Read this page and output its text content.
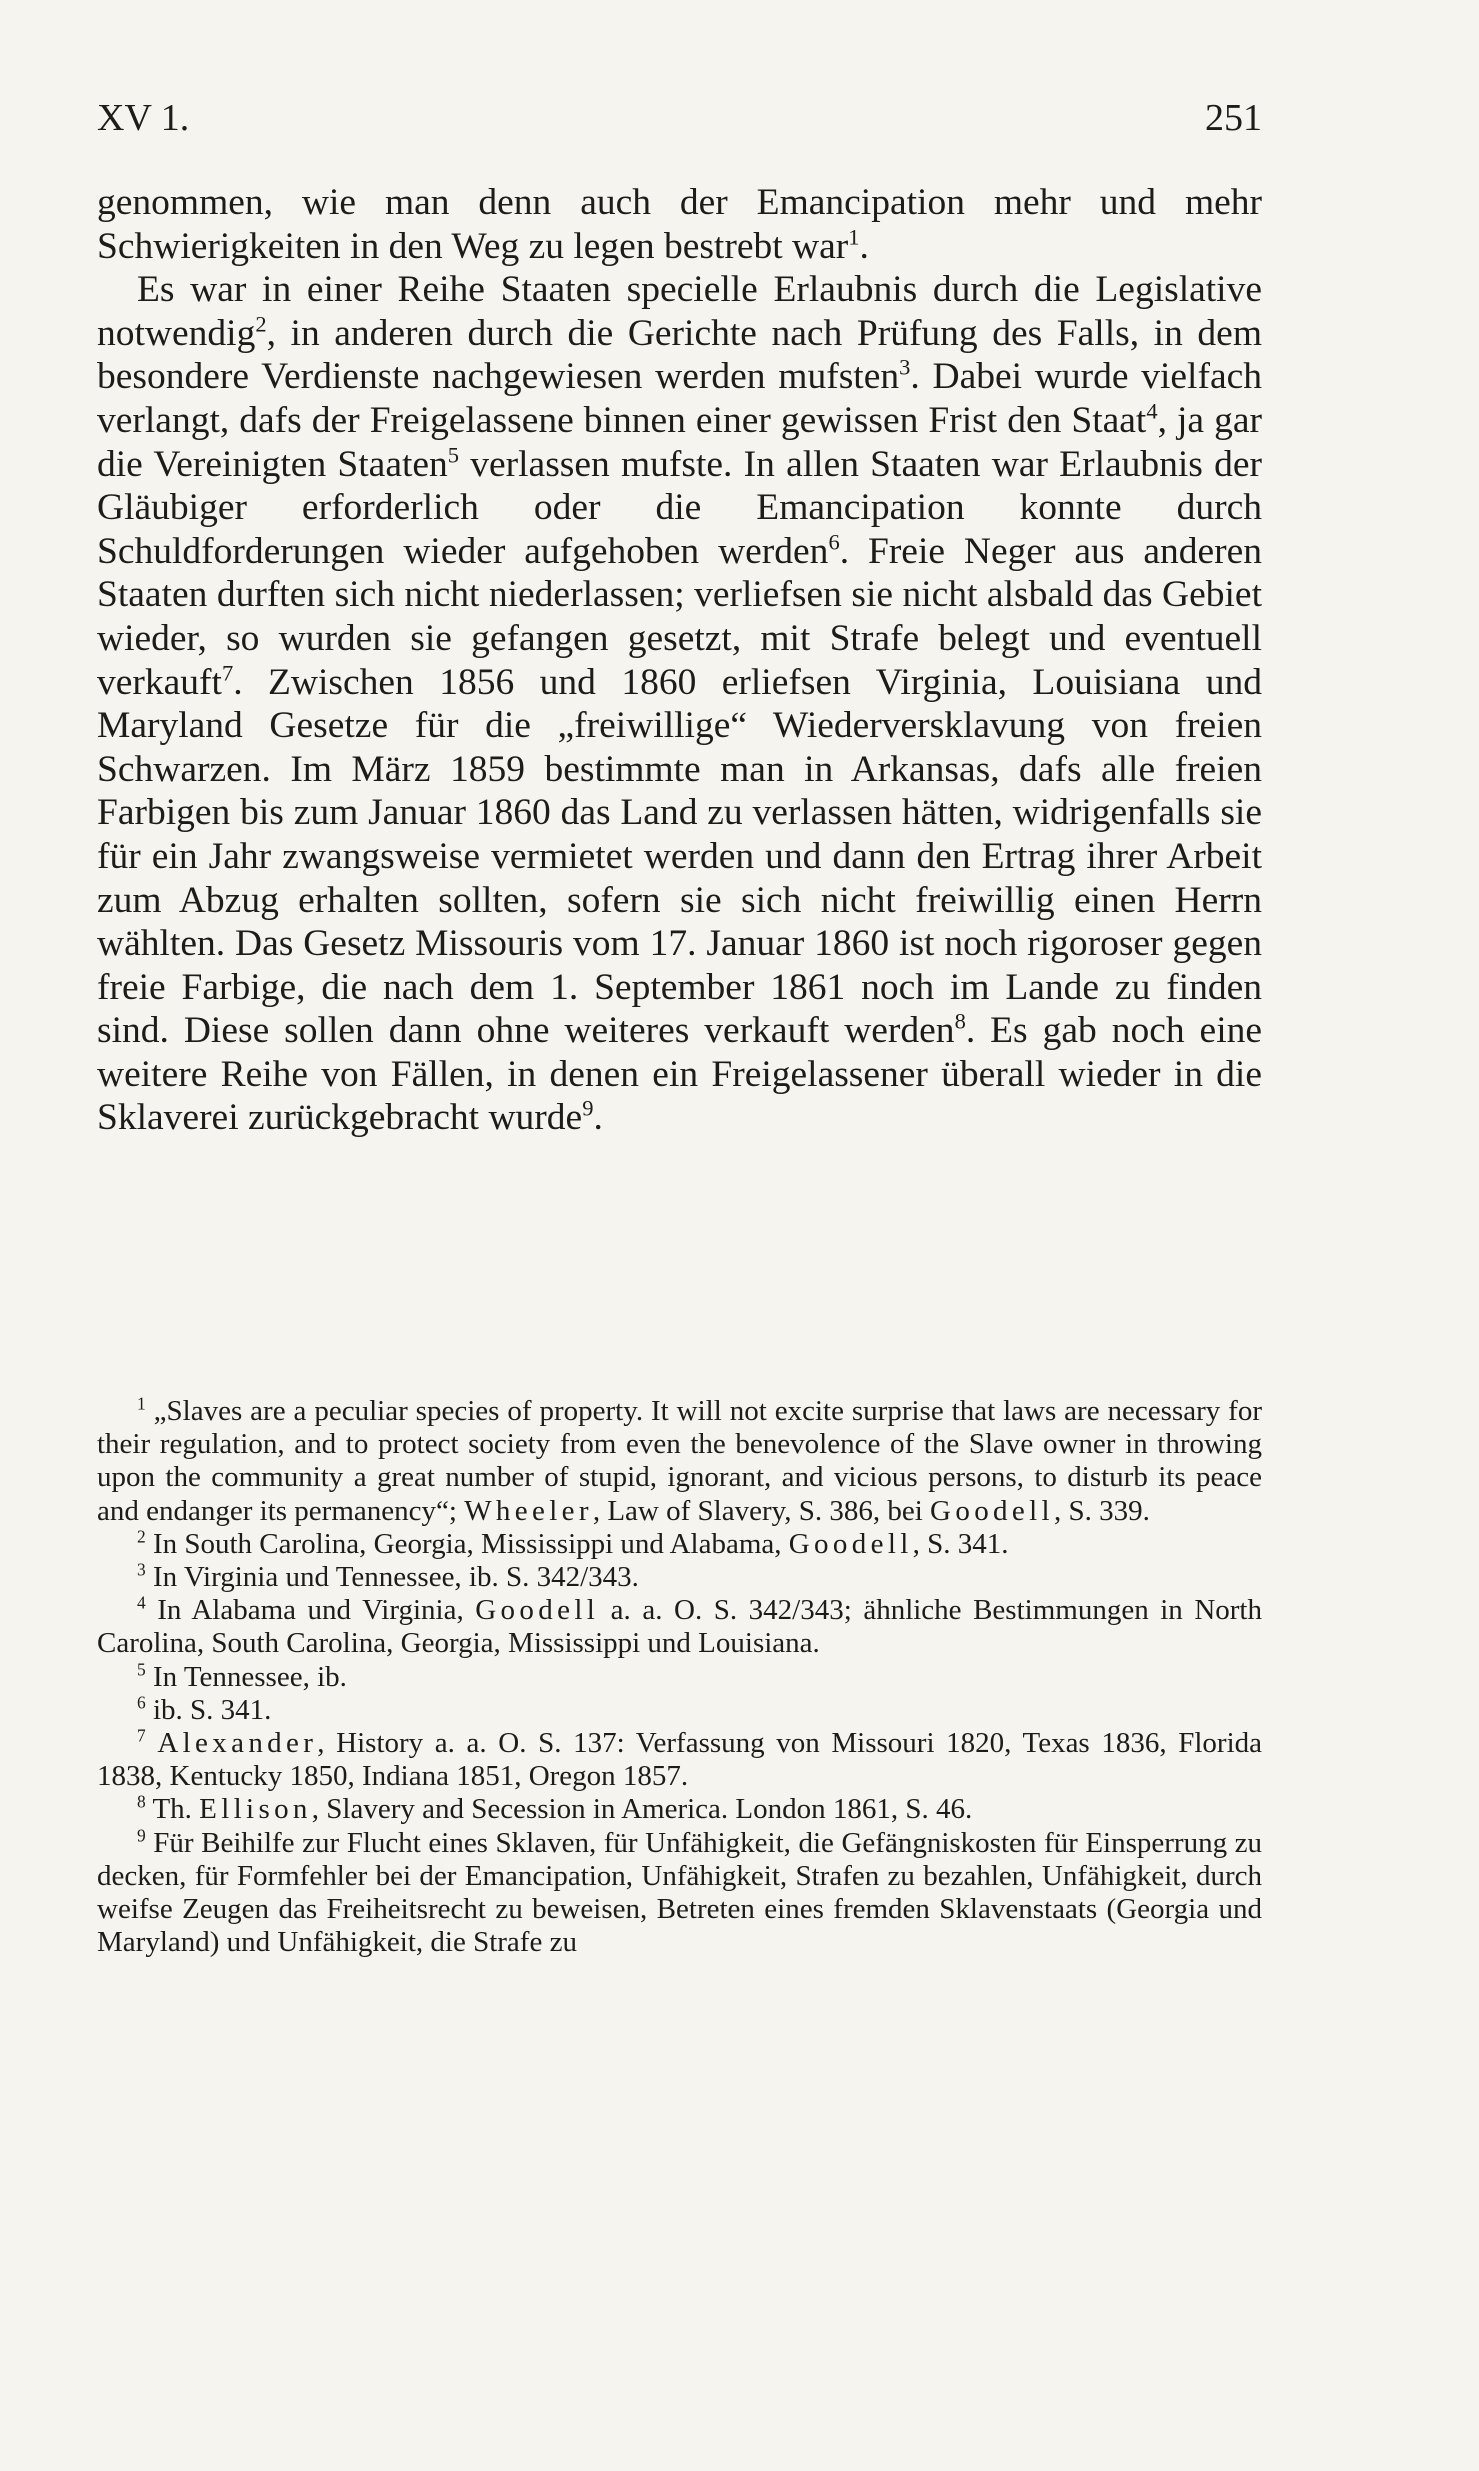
XV 1.	251

genommen, wie man denn auch der Emancipation mehr und mehr Schwierigkeiten in den Weg zu legen bestrebt war$^1$.

Es war in einer Reihe Staaten specielle Erlaubnis durch die Legislative notwendig$^2$, in anderen durch die Gerichte nach Prüfung des Falls, in dem besondere Verdienste nachgewiesen werden mufsten$^3$. Dabei wurde vielfach verlangt, dafs der Freigelassene binnen einer gewissen Frist den Staat$^4$, ja gar die Vereinigten Staaten$^5$ verlassen mufste. In allen Staaten war Erlaubnis der Gläubiger erforderlich oder die Emancipation konnte durch Schuldforderungen wieder aufgehoben werden$^6$. Freie Neger aus anderen Staaten durften sich nicht niederlassen; verliefsen sie nicht alsbald das Gebiet wieder, so wurden sie gefangen gesetzt, mit Strafe belegt und eventuell verkauft$^7$. Zwischen 1856 und 1860 erliefsen Virginia, Louisiana und Maryland Gesetze für die „freiwillige“ Wiederversklavung von freien Schwarzen. Im März 1859 bestimmte man in Arkansas, dafs alle freien Farbigen bis zum Januar 1860 das Land zu verlassen hätten, widrigenfalls sie für ein Jahr zwangsweise vermietet werden und dann den Ertrag ihrer Arbeit zum Abzug erhalten sollten, sofern sie sich nicht freiwillig einen Herrn wählten. Das Gesetz Missouris vom 17. Januar 1860 ist noch rigoroser gegen freie Farbige, die nach dem 1. September 1861 noch im Lande zu finden sind. Diese sollen dann ohne weiteres verkauft werden$^8$. Es gab noch eine weitere Reihe von Fällen, in denen ein Freigelassener überall wieder in die Sklaverei zurückgebracht wurde$^9$.

$^1$ „Slaves are a peculiar species of property. It will not excite surprise that laws are necessary for their regulation, and to protect society from even the benevolence of the Slave owner in throwing upon the community a great number of stupid, ignorant, and vicious persons, to disturb its peace and endanger its permanency“; Wheeler, Law of Slavery, S. 386, bei Goodell, S. 339.

$^2$ In South Carolina, Georgia, Mississippi und Alabama, Goodell, S. 341.

$^3$ In Virginia und Tennessee, ib. S. 342/343.

$^4$ In Alabama und Virginia, Goodell a. a. O. S. 342/343; ähnliche Bestimmungen in North Carolina, South Carolina, Georgia, Mississippi und Louisiana.

$^5$ In Tennessee, ib.

$^6$ ib. S. 341.

$^7$ Alexander, History a. a. O. S. 137: Verfassung von Missouri 1820, Texas 1836, Florida 1838, Kentucky 1850, Indiana 1851, Oregon 1857.

$^8$ Th. Ellison, Slavery and Secession in America. London 1861, S. 46.

$^9$ Für Beihilfe zur Flucht eines Sklaven, für Unfähigkeit, die Gefängniskosten für Einsperrung zu decken, für Formfehler bei der Emancipation, Unfähigkeit, Strafen zu bezahlen, Unfähigkeit, durch weifse Zeugen das Freiheitsrecht zu beweisen, Betreten eines fremden Sklavenstaats (Georgia und Maryland) und Unfähigkeit, die Strafe zu
